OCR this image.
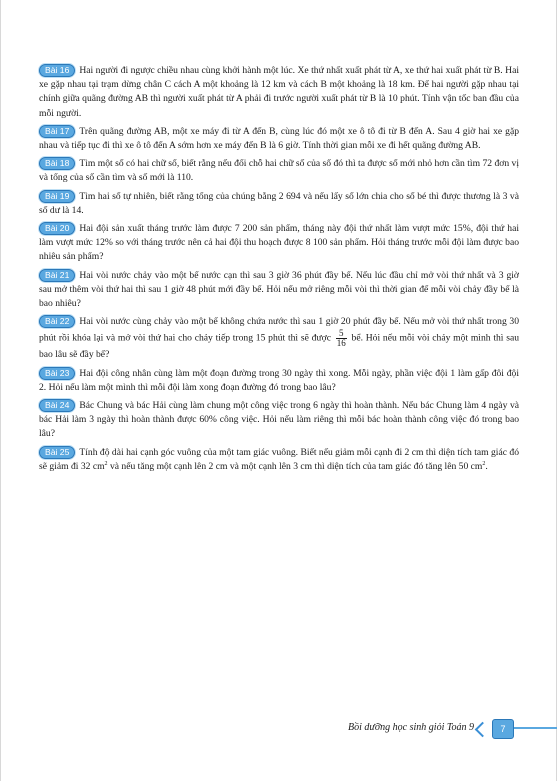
Bài 16 Hai người đi ngược chiều nhau cùng khởi hành một lúc. Xe thứ nhất xuất phát từ A, xe thứ hai xuất phát từ B. Hai xe gặp nhau tại trạm dừng chân C cách A một khoảng là 12 km và cách B một khoảng là 18 km. Để hai người gặp nhau tại chính giữa quãng đường AB thì người xuất phát từ A phải đi trước người xuất phát từ B là 10 phút. Tính vận tốc ban đầu của mỗi người.

Bài 17 Trên quãng đường AB, một xe máy đi từ A đến B, cùng lúc đó một xe ô tô đi từ B đến A. Sau 4 giờ hai xe gặp nhau và tiếp tục đi thì xe ô tô đến A sớm hơn xe máy đến B là 6 giờ. Tính thời gian mỗi xe đi hết quãng đường AB.

Bài 18 Tìm một số có hai chữ số, biết rằng nếu đổi chỗ hai chữ số của số đó thì ta được số mới nhỏ hơn cần tìm 72 đơn vị và tổng của số cần tìm và số mới là 110.

Bài 19 Tìm hai số tự nhiên, biết rằng tổng của chúng bằng 2 694 và nếu lấy số lớn chia cho số bé thì được thương là 3 và số dư là 14.

Bài 20 Hai đội sản xuất tháng trước làm được 7 200 sản phẩm, tháng này đội thứ nhất làm vượt mức 15%, đội thứ hai làm vượt mức 12% so với tháng trước nên cả hai đội thu hoạch được 8 100 sản phẩm. Hỏi tháng trước mỗi đội làm được bao nhiêu sản phẩm?

Bài 21 Hai vòi nước chảy vào một bể nước cạn thì sau 3 giờ 36 phút đầy bể. Nếu lúc đầu chỉ mở vòi thứ nhất và 3 giờ sau mở thêm vòi thứ hai thì sau 1 giờ 48 phút mới đầy bể. Hỏi nếu mở riêng mỗi vòi thì thời gian để mỗi vòi chảy đầy bể là bao nhiêu?

Bài 22 Hai vòi nước cùng chảy vào một bể không chứa nước thì sau 1 giờ 20 phút đầy bể. Nếu mở vòi thứ nhất trong 30 phút rồi khóa lại và mở vòi thứ hai cho chảy tiếp trong 15 phút thì sẽ được $\frac{5}{16}$ bể. Hỏi nếu mỗi vòi chảy một mình thì sau bao lâu sẽ đầy bể?

Bài 23 Hai đội công nhân cùng làm một đoạn đường trong 30 ngày thì xong. Mỗi ngày, phần việc đội 1 làm gấp đôi đội 2. Hỏi nếu làm một mình thì mỗi đội làm xong đoạn đường đó trong bao lâu?

Bài 24 Bác Chung và bác Hải cùng làm chung một công việc trong 6 ngày thì hoàn thành. Nếu bác Chung làm 4 ngày và bác Hải làm 3 ngày thì hoàn thành được 60% công việc. Hỏi nếu làm riêng thì mỗi bác hoàn thành công việc đó trong bao lâu?

Bài 25 Tính độ dài hai cạnh góc vuông của một tam giác vuông. Biết nếu giảm mỗi cạnh đi 2 cm thì diện tích tam giác đó sẽ giảm đi 32 $cm^2$ và nếu tăng một cạnh lên 2 cm và một cạnh lên 3 cm thì diện tích của tam giác đó tăng lên 50 $cm^2$.

Bồi dưỡng học sinh giỏi Toán 9	7
